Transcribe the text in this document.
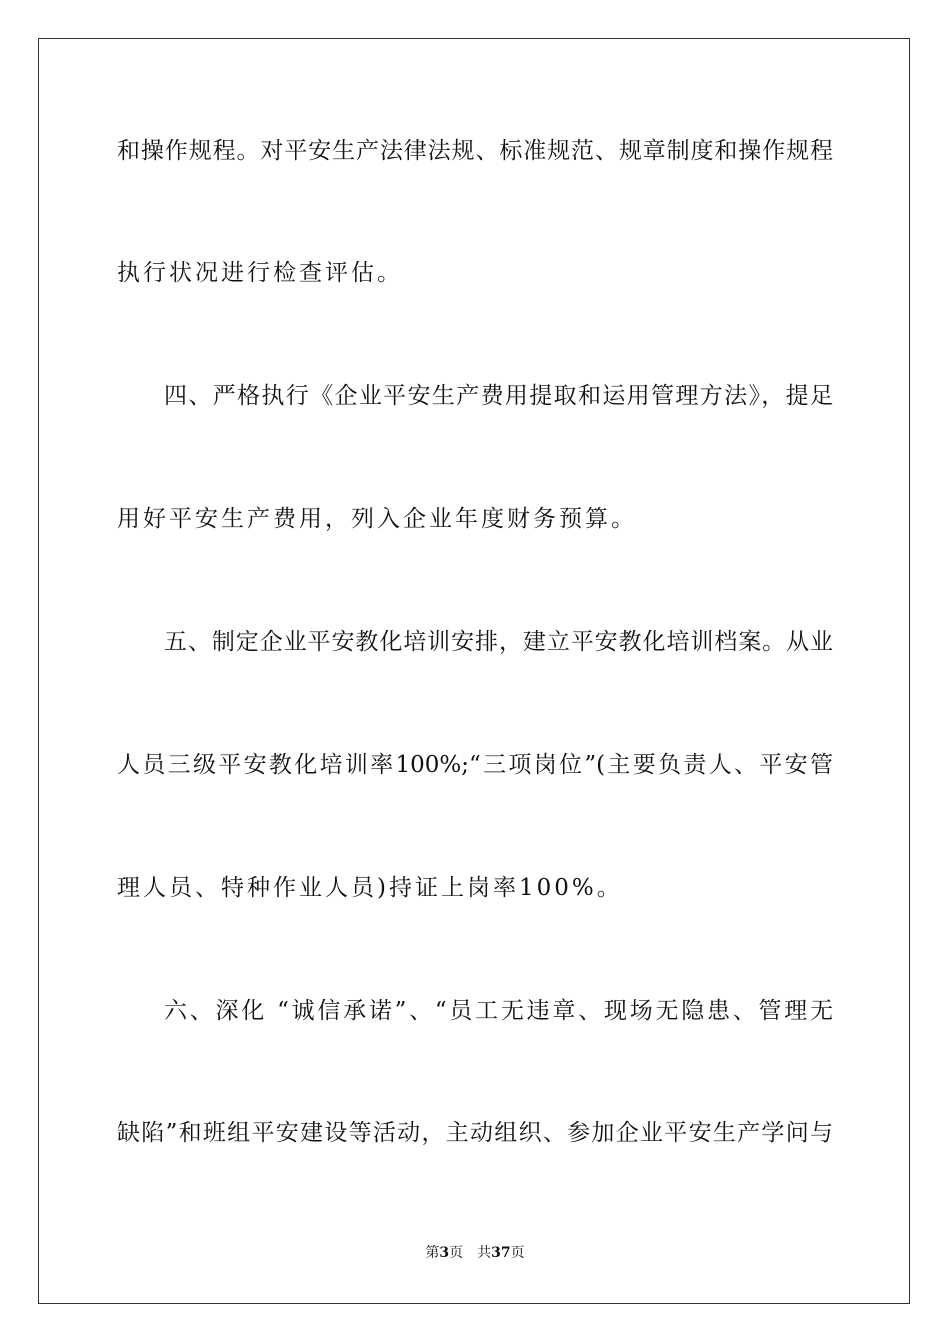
和操作规程。对平安生产法律法规、标准规范、规章制度和操作规程
执行状况进行检查评估。
四、严格执行《企业平安生产费用提取和运用管理方法》，提足
用好平安生产费用，列入企业年度财务预算。
五、制定企业平安教化培训安排，建立平安教化培训档案。从业
人员三级平安教化培训率100%;“三项岗位”(主要负责人、平安管
理人员、特种作业人员)持证上岗率100%。
六、深化 “诚信承诺”、“员工无违章、现场无隐患、管理无
缺陷”和班组平安建设等活动，主动组织、参加企业平安生产学问与
第3页 共37页
